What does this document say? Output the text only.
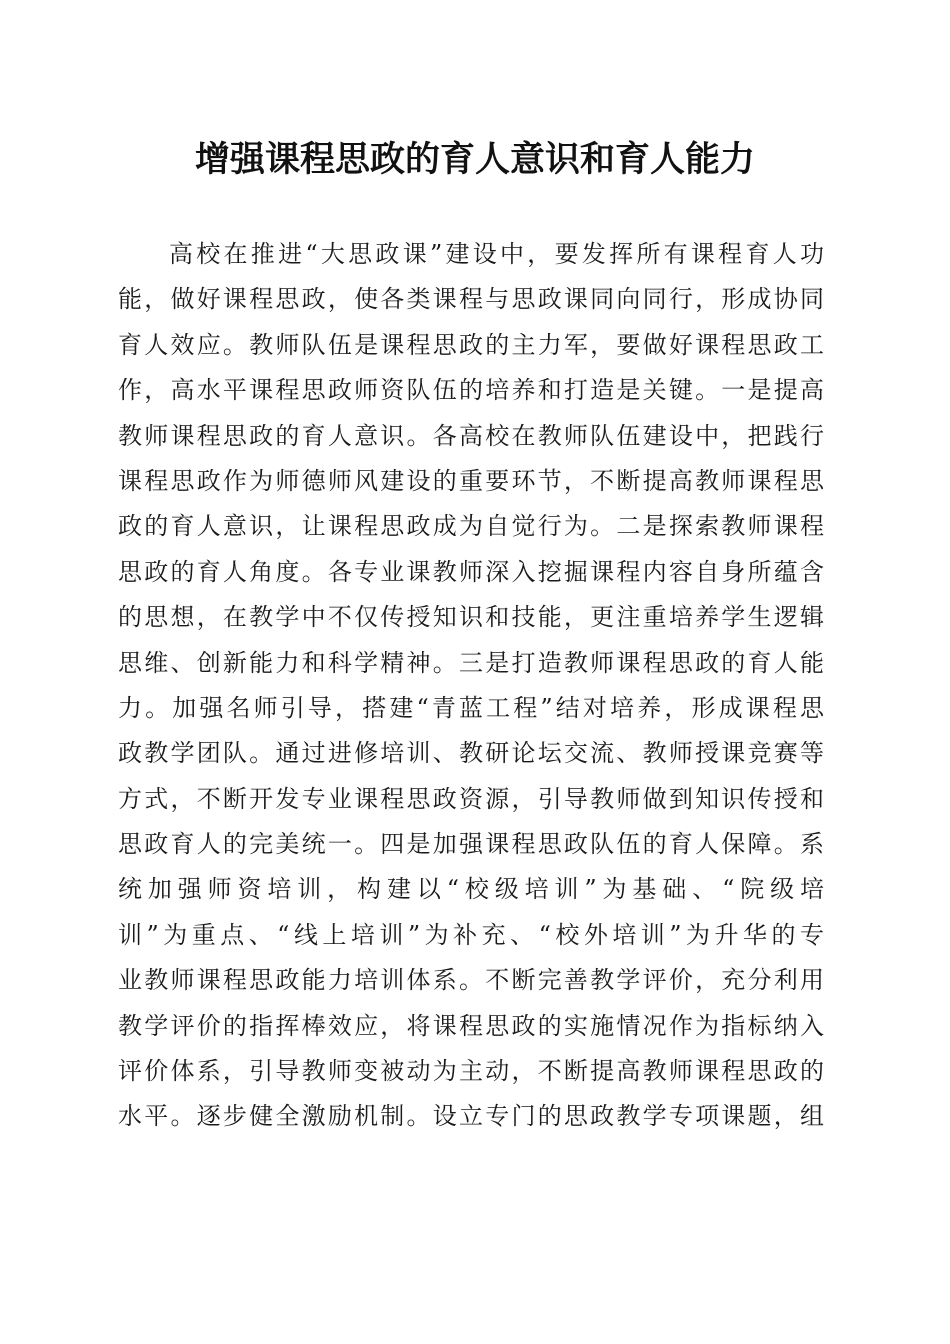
增强课程思政的育人意识和育人能力
高校在推进“大思政课”建设中，要发挥所有课程育人功
能，做好课程思政，使各类课程与思政课同向同行，形成协同
育人效应。教师队伍是课程思政的主力军，要做好课程思政工
作，高水平课程思政师资队伍的培养和打造是关键。一是提高
教师课程思政的育人意识。各高校在教师队伍建设中，把践行
课程思政作为师德师风建设的重要环节，不断提高教师课程思
政的育人意识，让课程思政成为自觉行为。二是探索教师课程
思政的育人角度。各专业课教师深入挖掘课程内容自身所蕴含
的思想，在教学中不仅传授知识和技能，更注重培养学生逻辑
思维、创新能力和科学精神。三是打造教师课程思政的育人能
力。加强名师引导，搭建“青蓝工程”结对培养，形成课程思
政教学团队。通过进修培训、教研论坛交流、教师授课竞赛等
方式，不断开发专业课程思政资源，引导教师做到知识传授和
思政育人的完美统一。四是加强课程思政队伍的育人保障。系
统加强师资培训，构建以“校级培训”为基础、“院级培
训”为重点、“线上培训”为补充、“校外培训”为升华的专
业教师课程思政能力培训体系。不断完善教学评价，充分利用
教学评价的指挥棒效应，将课程思政的实施情况作为指标纳入
评价体系，引导教师变被动为主动，不断提高教师课程思政的
水平。逐步健全激励机制。设立专门的思政教学专项课题，组
